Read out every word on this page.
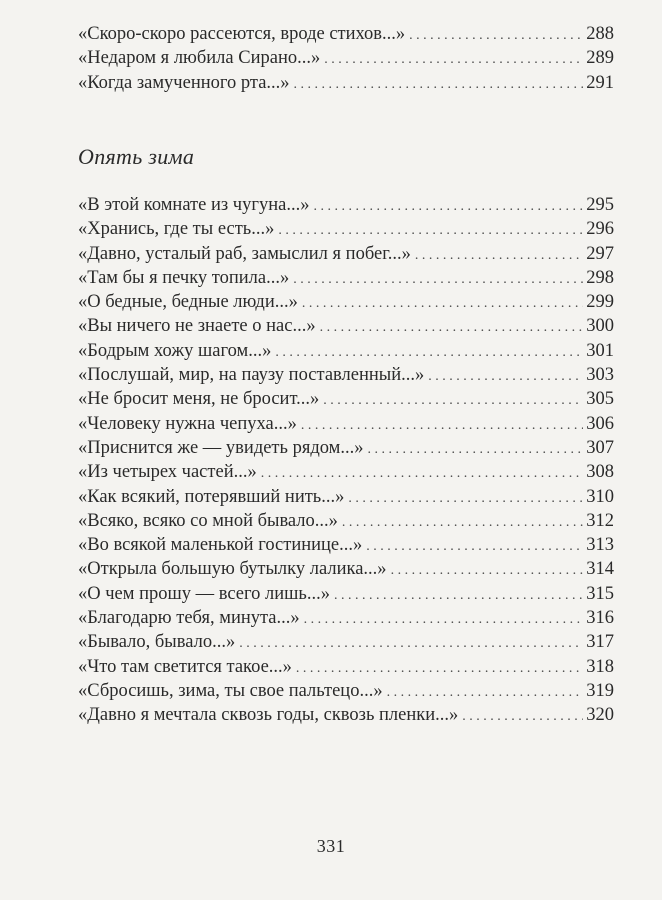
«Скоро-скоро рассеются, вроде стихов...» . . .	288
«Недаром я любила Сирано...» . . .	289
«Когда замученного рта...» . . .	291
Опять зима
«В этой комнате из чугуна...» . . .	295
«Хранись, где ты есть...» . . .	296
«Давно, усталый раб, замыслил я побег...» . . .	297
«Там бы я печку топила...» . . .	298
«О бедные, бедные люди...» . . .	299
«Вы ничего не знаете о нас...» . . .	300
«Бодрым хожу шагом...» . . .	301
«Послушай, мир, на паузу поставленный...» . . .	303
«Не бросит меня, не бросит...» . . .	305
«Человеку нужна чепуха...» . . .	306
«Приснится же — увидеть рядом...» . . .	307
«Из четырех частей...» . . .	308
«Как всякий, потерявший нить...» . . .	310
«Всяко, всяко со мной бывало...» . . .	312
«Во всякой маленькой гостинице...» . . .	313
«Открыла большую бутылку лалика...» . . .	314
«О чем прошу — всего лишь...» . . .	315
«Благодарю тебя, минута...» . . .	316
«Бывало, бывало...» . . .	317
«Что там светится такое...» . . .	318
«Сбросишь, зима, ты свое пальтецо...» . . .	319
«Давно я мечтала сквозь годы, сквозь пленки...» . . .	320
331
